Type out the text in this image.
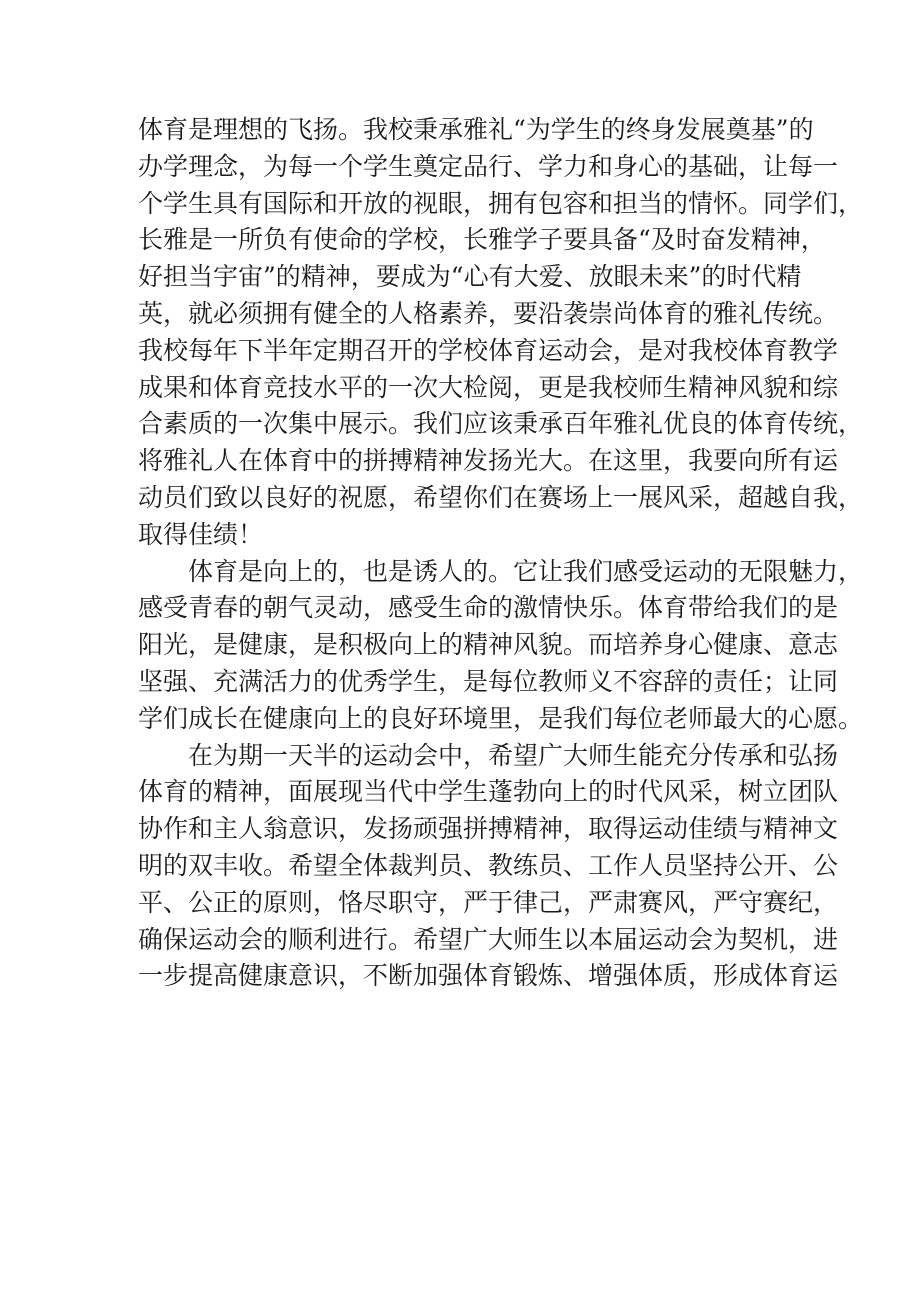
体育是理想的飞扬。我校秉承雅礼“为学生的终身发展奠基”的
办学理念，为每一个学生奠定品行、学力和身心的基础，让每一
个学生具有国际和开放的视眼，拥有包容和担当的情怀。同学们，
长雅是一所负有使命的学校，长雅学子要具备“及时奋发精神，
好担当宇宙”的精神，要成为“心有大爱、放眼未来”的时代精
英，就必须拥有健全的人格素养，要沿袭崇尚体育的雅礼传统。
我校每年下半年定期召开的学校体育运动会，是对我校体育教学
成果和体育竞技水平的一次大检阅，更是我校师生精神风貌和综
合素质的一次集中展示。我们应该秉承百年雅礼优良的体育传统，
将雅礼人在体育中的拼搏精神发扬光大。在这里，我要向所有运
动员们致以良好的祝愿，希望你们在赛场上一展风采，超越自我，
取得佳绩！
体育是向上的，也是诱人的。它让我们感受运动的无限魅力，
感受青春的朝气灵动，感受生命的激情快乐。体育带给我们的是
阳光，是健康，是积极向上的精神风貌。而培养身心健康、意志
坚强、充满活力的优秀学生，是每位教师义不容辞的责任；让同
学们成长在健康向上的良好环境里，是我们每位老师最大的心愿。
在为期一天半的运动会中，希望广大师生能充分传承和弘扬
体育的精神，面展现当代中学生蓬勃向上的时代风采，树立团队
协作和主人翁意识，发扬顽强拼搏精神，取得运动佳绩与精神文
明的双丰收。希望全体裁判员、教练员、工作人员坚持公开、公
平、公正的原则，恪尽职守，严于律己，严肃赛风，严守赛纪，
确保运动会的顺利进行。希望广大师生以本届运动会为契机，进
一步提高健康意识，不断加强体育锻炼、增强体质，形成体育运
